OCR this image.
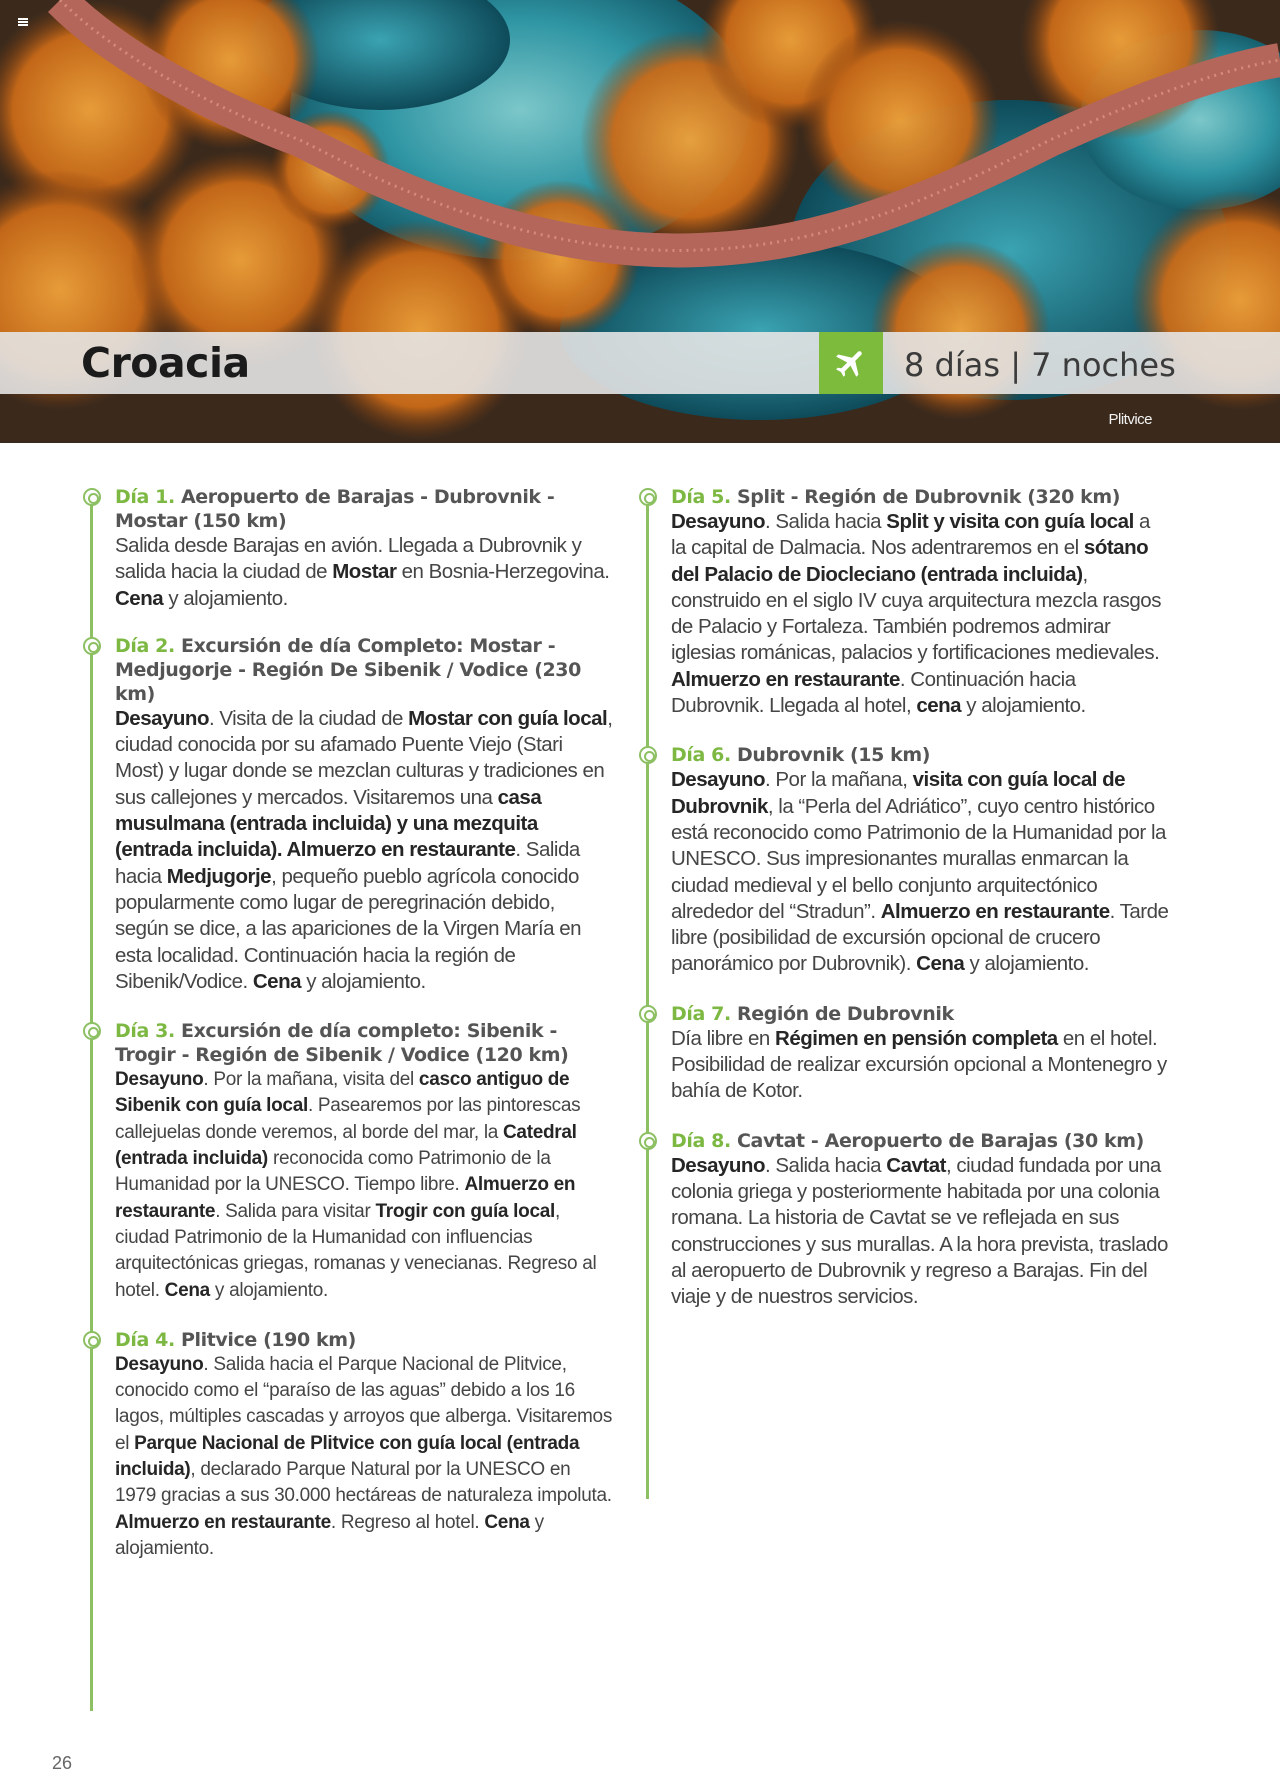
Croacia	8 días | 7 noches
Plitvice
Día 1. Aeropuerto de Barajas - Dubrovnik - Mostar (150 km)
Salida desde Barajas en avión. Llegada a Dubrovnik y salida hacia la ciudad de Mostar en Bosnia-Herzegovina. Cena y alojamiento.
Día 2. Excursión de día Completo: Mostar - Medjugorje - Región De Sibenik / Vodice (230 km)
Desayuno. Visita de la ciudad de Mostar con guía local, ciudad conocida por su afamado Puente Viejo (Stari Most) y lugar donde se mezclan culturas y tradiciones en sus callejones y mercados. Visitaremos una casa musulmana (entrada incluida) y una mezquita (entrada incluida). Almuerzo en restaurante. Salida hacia Medjugorje, pequeño pueblo agrícola conocido popularmente como lugar de peregrinación debido, según se dice, a las apariciones de la Virgen María en esta localidad. Continuación hacia la región de Sibenik/Vodice. Cena y alojamiento.
Día 3. Excursión de día completo: Sibenik - Trogir - Región de Sibenik / Vodice (120 km)
Desayuno. Por la mañana, visita del casco antiguo de Sibenik con guía local. Pasearemos por las pintorescas callejuelas donde veremos, al borde del mar, la Catedral (entrada incluida) reconocida como Patrimonio de la Humanidad por la UNESCO. Tiempo libre. Almuerzo en restaurante. Salida para visitar Trogir con guía local, ciudad Patrimonio de la Humanidad con influencias arquitectónicas griegas, romanas y venecianas. Regreso al hotel. Cena y alojamiento.
Día 4. Plitvice (190 km)
Desayuno. Salida hacia el Parque Nacional de Plitvice, conocido como el “paraíso de las aguas” debido a los 16 lagos, múltiples cascadas y arroyos que alberga. Visitaremos el Parque Nacional de Plitvice con guía local (entrada incluida), declarado Parque Natural por la UNESCO en 1979 gracias a sus 30.000 hectáreas de naturaleza impoluta. Almuerzo en restaurante. Regreso al hotel. Cena y alojamiento.
Día 5. Split - Región de Dubrovnik (320 km)
Desayuno. Salida hacia Split y visita con guía local a la capital de Dalmacia. Nos adentraremos en el sótano del Palacio de Diocleciano (entrada incluida), construido en el siglo IV cuya arquitectura mezcla rasgos de Palacio y Fortaleza. También podremos admirar iglesias románicas, palacios y fortificaciones medievales. Almuerzo en restaurante. Continuación hacia Dubrovnik. Llegada al hotel, cena y alojamiento.
Día 6. Dubrovnik (15 km)
Desayuno. Por la mañana, visita con guía local de Dubrovnik, la “Perla del Adriático”, cuyo centro histórico está reconocido como Patrimonio de la Humanidad por la UNESCO. Sus impresionantes murallas enmarcan la ciudad medieval y el bello conjunto arquitectónico alrededor del “Stradun”. Almuerzo en restaurante. Tarde libre (posibilidad de excursión opcional de crucero panorámico por Dubrovnik). Cena y alojamiento.
Día 7. Región de Dubrovnik
Día libre en Régimen en pensión completa en el hotel. Posibilidad de realizar excursión opcional a Montenegro y bahía de Kotor.
Día 8. Cavtat - Aeropuerto de Barajas (30 km)
Desayuno. Salida hacia Cavtat, ciudad fundada por una colonia griega y posteriormente habitada por una colonia romana. La historia de Cavtat se ve reflejada en sus construcciones y sus murallas. A la hora prevista, traslado al aeropuerto de Dubrovnik y regreso a Barajas. Fin del viaje y de nuestros servicios.
26
